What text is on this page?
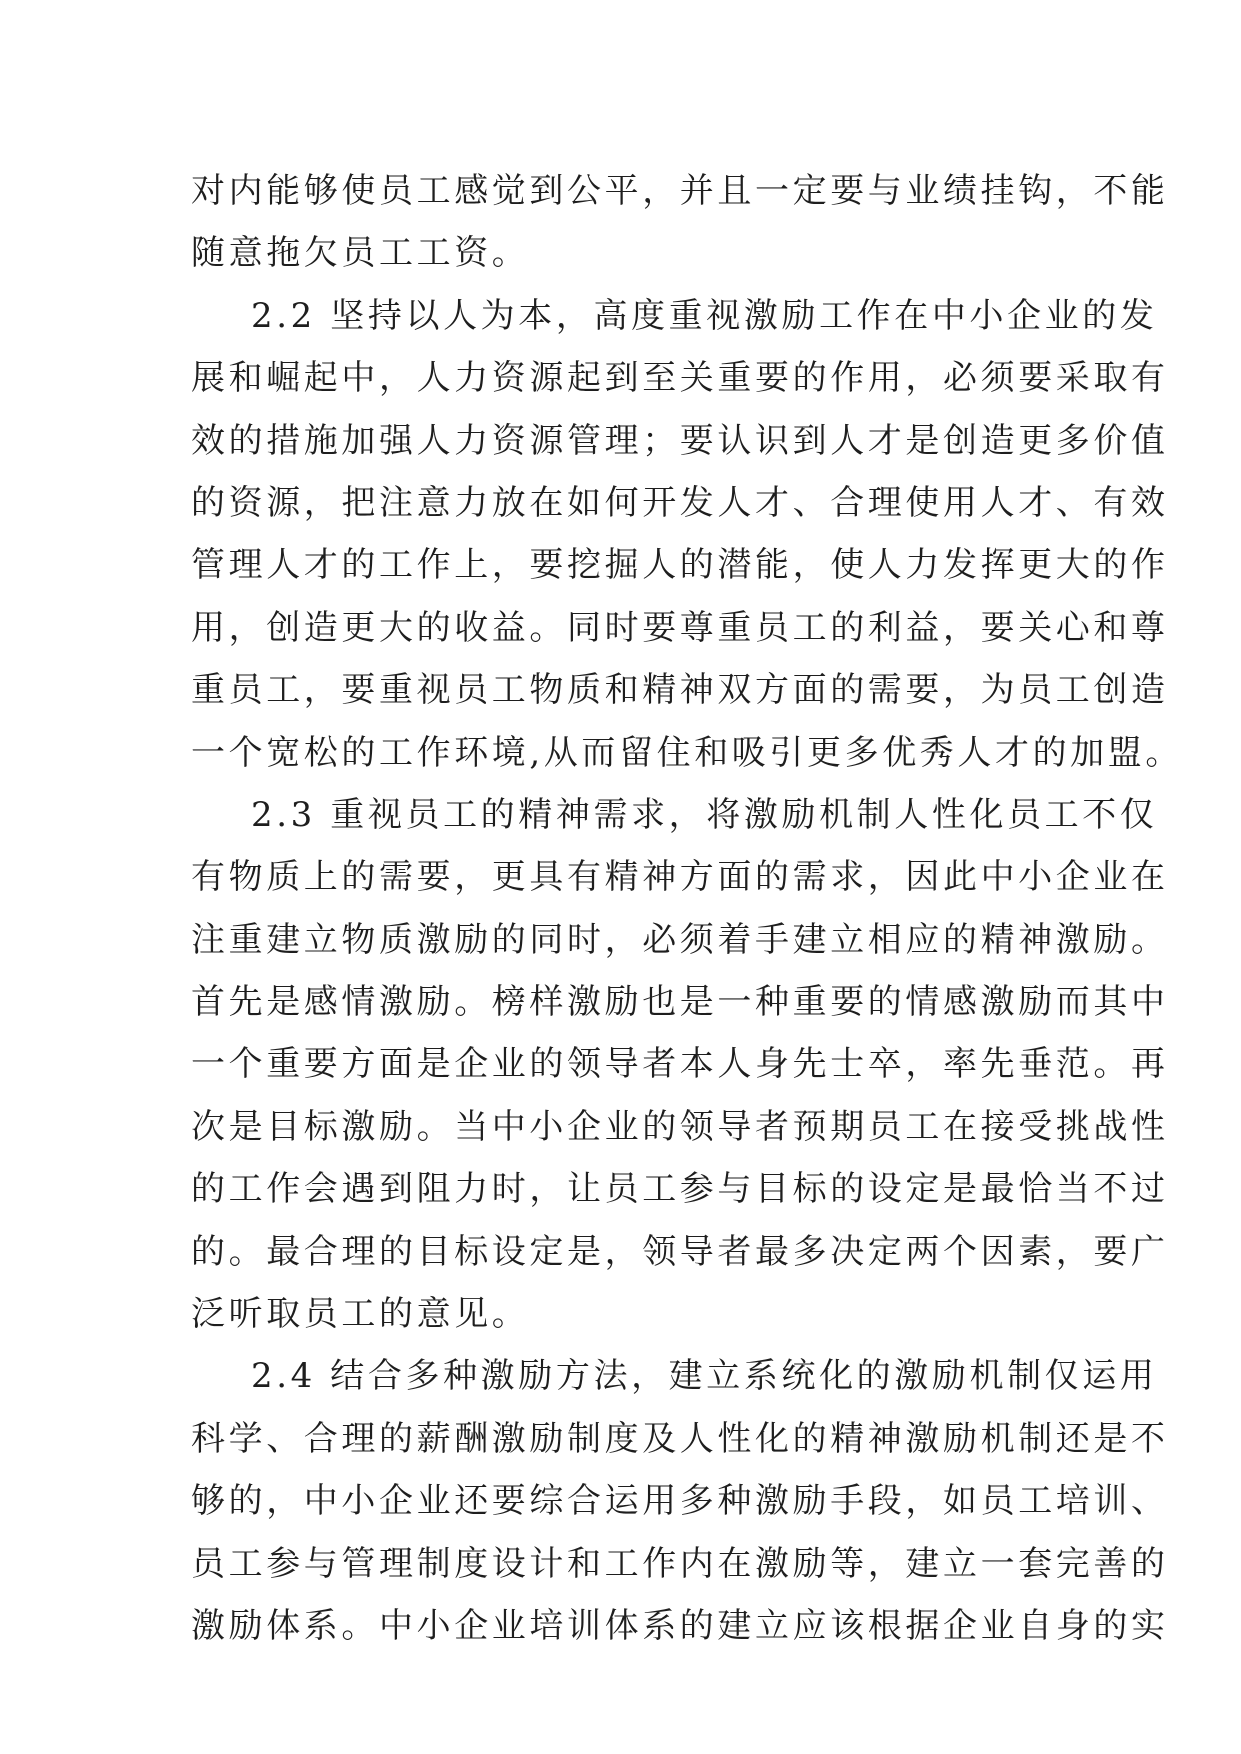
对内能够使员工感觉到公平，并且一定要与业绩挂钩，不能
随意拖欠员工工资。
2.2 坚持以人为本，高度重视激励工作在中小企业的发
展和崛起中，人力资源起到至关重要的作用，必须要采取有
效的措施加强人力资源管理；要认识到人才是创造更多价值
的资源，把注意力放在如何开发人才、合理使用人才、有效
管理人才的工作上，要挖掘人的潜能，使人力发挥更大的作
用，创造更大的收益。同时要尊重员工的利益，要关心和尊
重员工，要重视员工物质和精神双方面的需要，为员工创造
一个宽松的工作环境,从而留住和吸引更多优秀人才的加盟。
2.3 重视员工的精神需求，将激励机制人性化员工不仅
有物质上的需要，更具有精神方面的需求，因此中小企业在
注重建立物质激励的同时，必须着手建立相应的精神激励。
首先是感情激励。榜样激励也是一种重要的情感激励而其中
一个重要方面是企业的领导者本人身先士卒，率先垂范。再
次是目标激励。当中小企业的领导者预期员工在接受挑战性
的工作会遇到阻力时，让员工参与目标的设定是最恰当不过
的。最合理的目标设定是，领导者最多决定两个因素，要广
泛听取员工的意见。
2.4 结合多种激励方法，建立系统化的激励机制仅运用
科学、合理的薪酬激励制度及人性化的精神激励机制还是不
够的，中小企业还要综合运用多种激励手段，如员工培训、
员工参与管理制度设计和工作内在激励等，建立一套完善的
激励体系。中小企业培训体系的建立应该根据企业自身的实
